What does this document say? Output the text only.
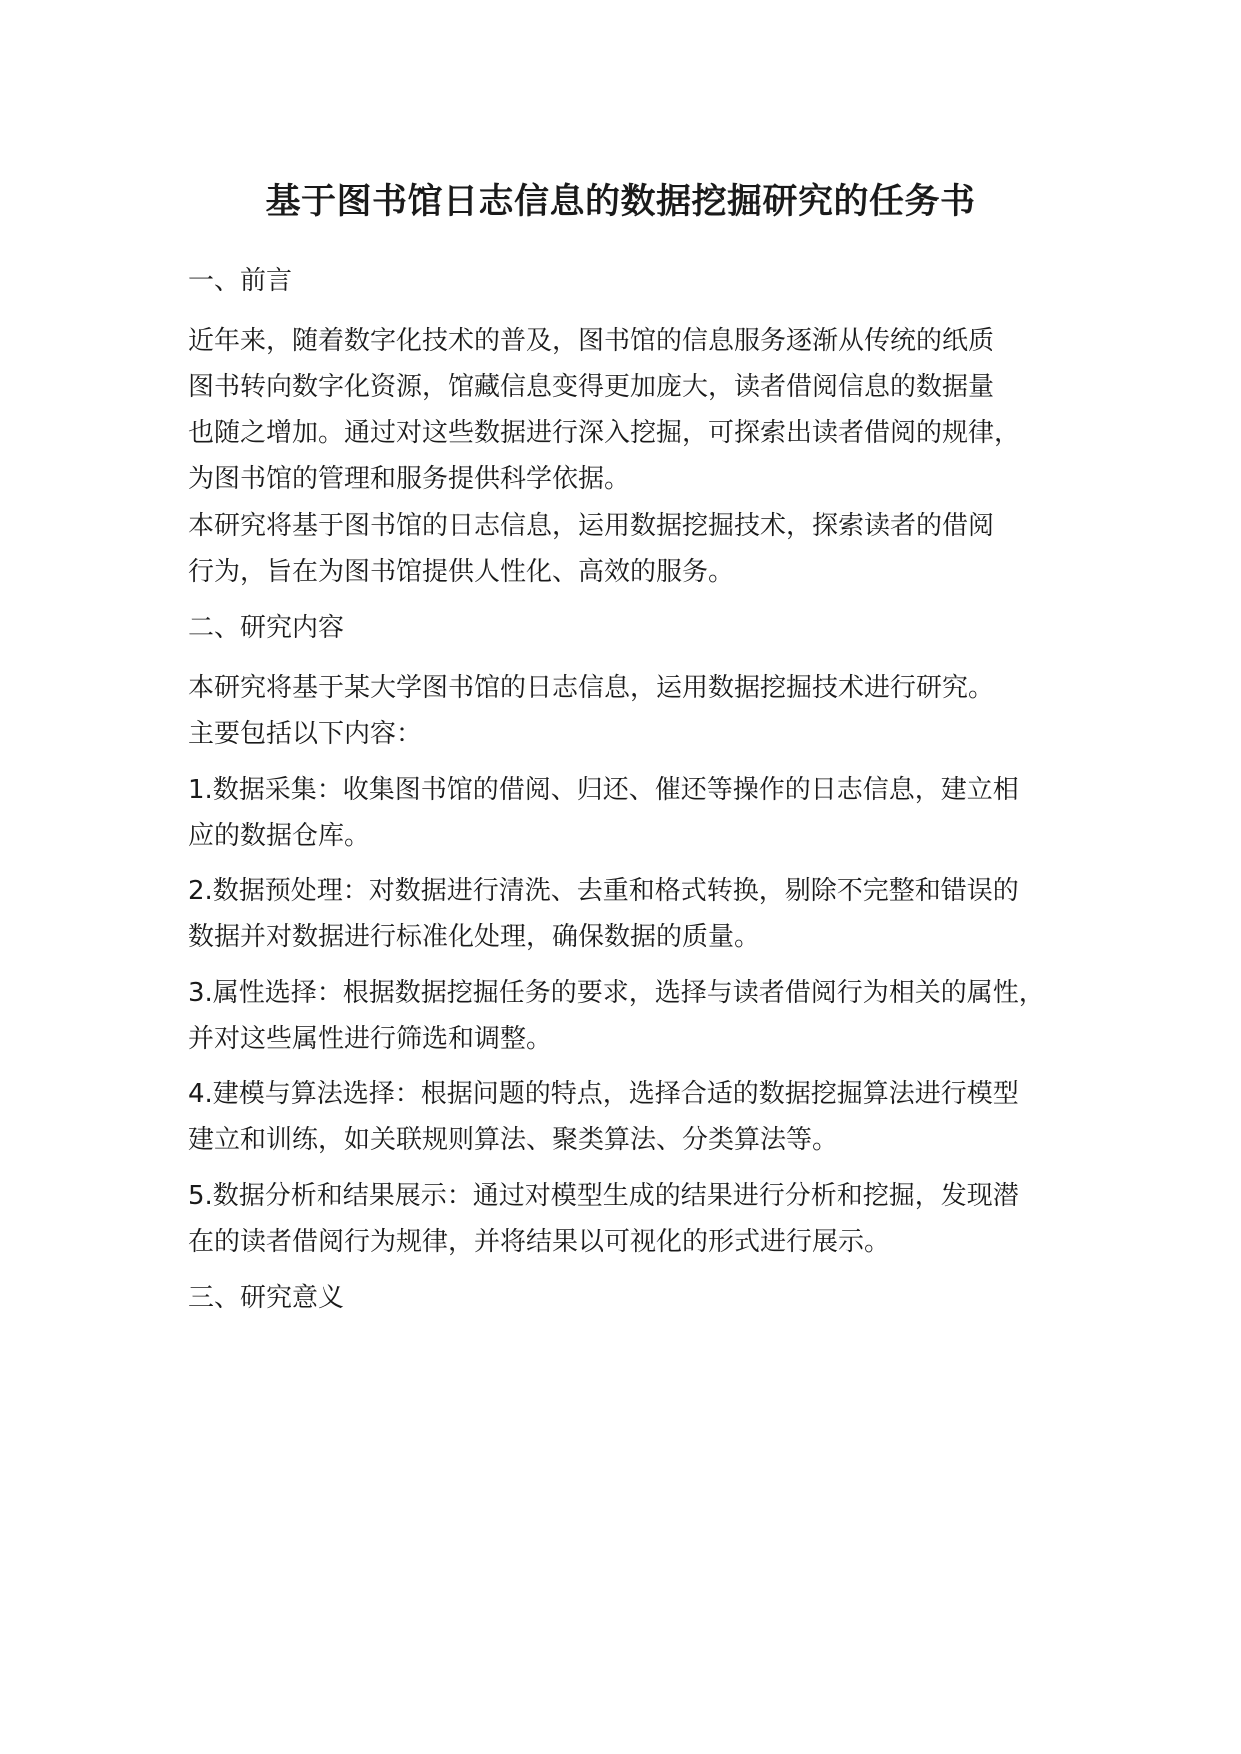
基于图书馆日志信息的数据挖掘研究的任务书
一、前言
近年来，随着数字化技术的普及，图书馆的信息服务逐渐从传统的纸质
图书转向数字化资源，馆藏信息变得更加庞大，读者借阅信息的数据量
也随之增加。通过对这些数据进行深入挖掘，可探索出读者借阅的规律，
为图书馆的管理和服务提供科学依据。
本研究将基于图书馆的日志信息，运用数据挖掘技术，探索读者的借阅
行为，旨在为图书馆提供人性化、高效的服务。
二、研究内容
本研究将基于某大学图书馆的日志信息，运用数据挖掘技术进行研究。
主要包括以下内容：
1.数据采集：收集图书馆的借阅、归还、催还等操作的日志信息，建立相
应的数据仓库。
2.数据预处理：对数据进行清洗、去重和格式转换，剔除不完整和错误的
数据并对数据进行标准化处理，确保数据的质量。
3.属性选择：根据数据挖掘任务的要求，选择与读者借阅行为相关的属性，
并对这些属性进行筛选和调整。
4.建模与算法选择：根据问题的特点，选择合适的数据挖掘算法进行模型
建立和训练，如关联规则算法、聚类算法、分类算法等。
5.数据分析和结果展示：通过对模型生成的结果进行分析和挖掘，发现潜
在的读者借阅行为规律，并将结果以可视化的形式进行展示。
三、研究意义
